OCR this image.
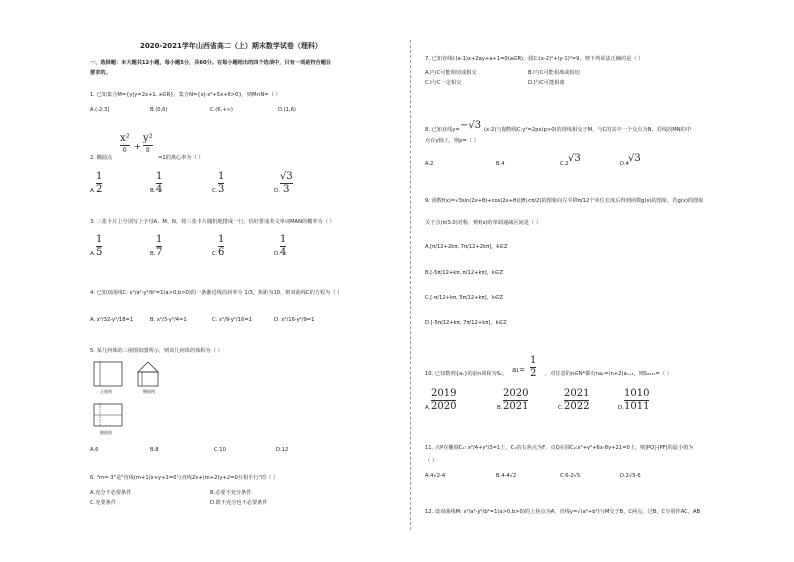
2020-2021学年山西省高二（上）期末数学试卷（理科）
一、选择题：本大题共12小题，每小题5分，共60分。在每小题给出的四个选项中，只有一项是符合题目
要求的。
1. 已知集合M={y|y=2x+1, x∈R}，集合N={x|-x²+5x+6>0}，则M∩N=（ ）
A.(-2,3]	B.(0,6)	C.(6,+∞)	D.(1,6)
2. 椭圆点
x²
6 +
y²
8
=1的离心率为（ ）
A.
1
2	B.
1
4	C.
1
3	D.
√3
3
3. 三张卡片上分别写上字母A、M、N，将三张卡片随机地排成一行，恰好排成英文单词MAN的概率为（ ）
A.
1
5	B.
1
7	C.
1
6	D.
1
4
4. 已知双曲线C: x²/a²-y²/b²=1(a>0,b>0)的一条渐近线的斜率为 1/3，焦距为10，则双曲线C的方程为（ ）
A. x²/32-y²/18=1	B. x²/3-y²/4=1	C. x²/9-y²/16=1	D. x²/16-y²/9=1
5. 某几何体的三视图如图所示，则该几何体的体积为（ ）
正视图	侧视图
俯视图
A.6	B.8	C.10	D.12
6. "m=-3"是"直线(m+1)x+y+1=0与直线2x+(m+2)y+2=0互相平行"的（ ）
A.充分不必要条件	B.必要不充分条件
C.充要条件	D.既不充分也不必要条件
7. 已知直线l:(a-1)x+2ay+a+1=0(a∈R)，圆C:(x-2)²+(y-1)²=9，则下列说法正确的是（ ）
A.l与C可能相切或相交	B.l与C可能相离或相切
C.l与C一定相交	D.l与C可能相离
8. 已知直线y= −√3 (x-2)与抛物线C:y²=2px(p>0)的准线相交于M，与C的其中一个交点为N，若线段MN的中
点在y轴上，则p=（ ）
A.2	B.4	C.2 √3	D.4 √3
9. 函数f(x)=√3sin(2x+θ)+cos(2x+θ)(|θ|<π/2)的图象向左平移π/12个单位长度后得到函数g(x)的图象，若g(x)的图象
关于点(π/3,0)对称，则f(x)的单调递减区间是（ ）
A.[π/12+2kπ, 7π/12+2kπ]，k∈Z
B.[-5π/12+kπ, π/12+kπ]，k∈Z
C.[-π/12+kπ, 5π/12+kπ]，k∈Z
D.[-5π/12+kπ, 7π/12+kπ]，k∈Z
10. 已知数列{aₙ}的前n项和为Sₙ， a₁=
1
2 ，对任意的n∈N*都有naₙ=(n+2)aₙ₊₁，则S₂₀₂₁=（ ）
A.
2019
2020	B.
2020
2021	C.
2021
2022	D.
1010
1011
11. 点P在椭圆C₁: x²/4+y²/3=1上，C₁的右焦点为F，点Q在圆C₂:x²+y²+6x-8y+21=0上，则|PQ|-|PF|的最小值为
（ ）
A.4√2-4	B.4-4√2	C.6-2√5	D.2√5-6
12. 设双曲线M: x²/a²-y²/b²=1(a>0,b>0)的上焦点为A，直线y=√(a²+b²)与M交于B，C两点，过B，C分别作AC，AB
